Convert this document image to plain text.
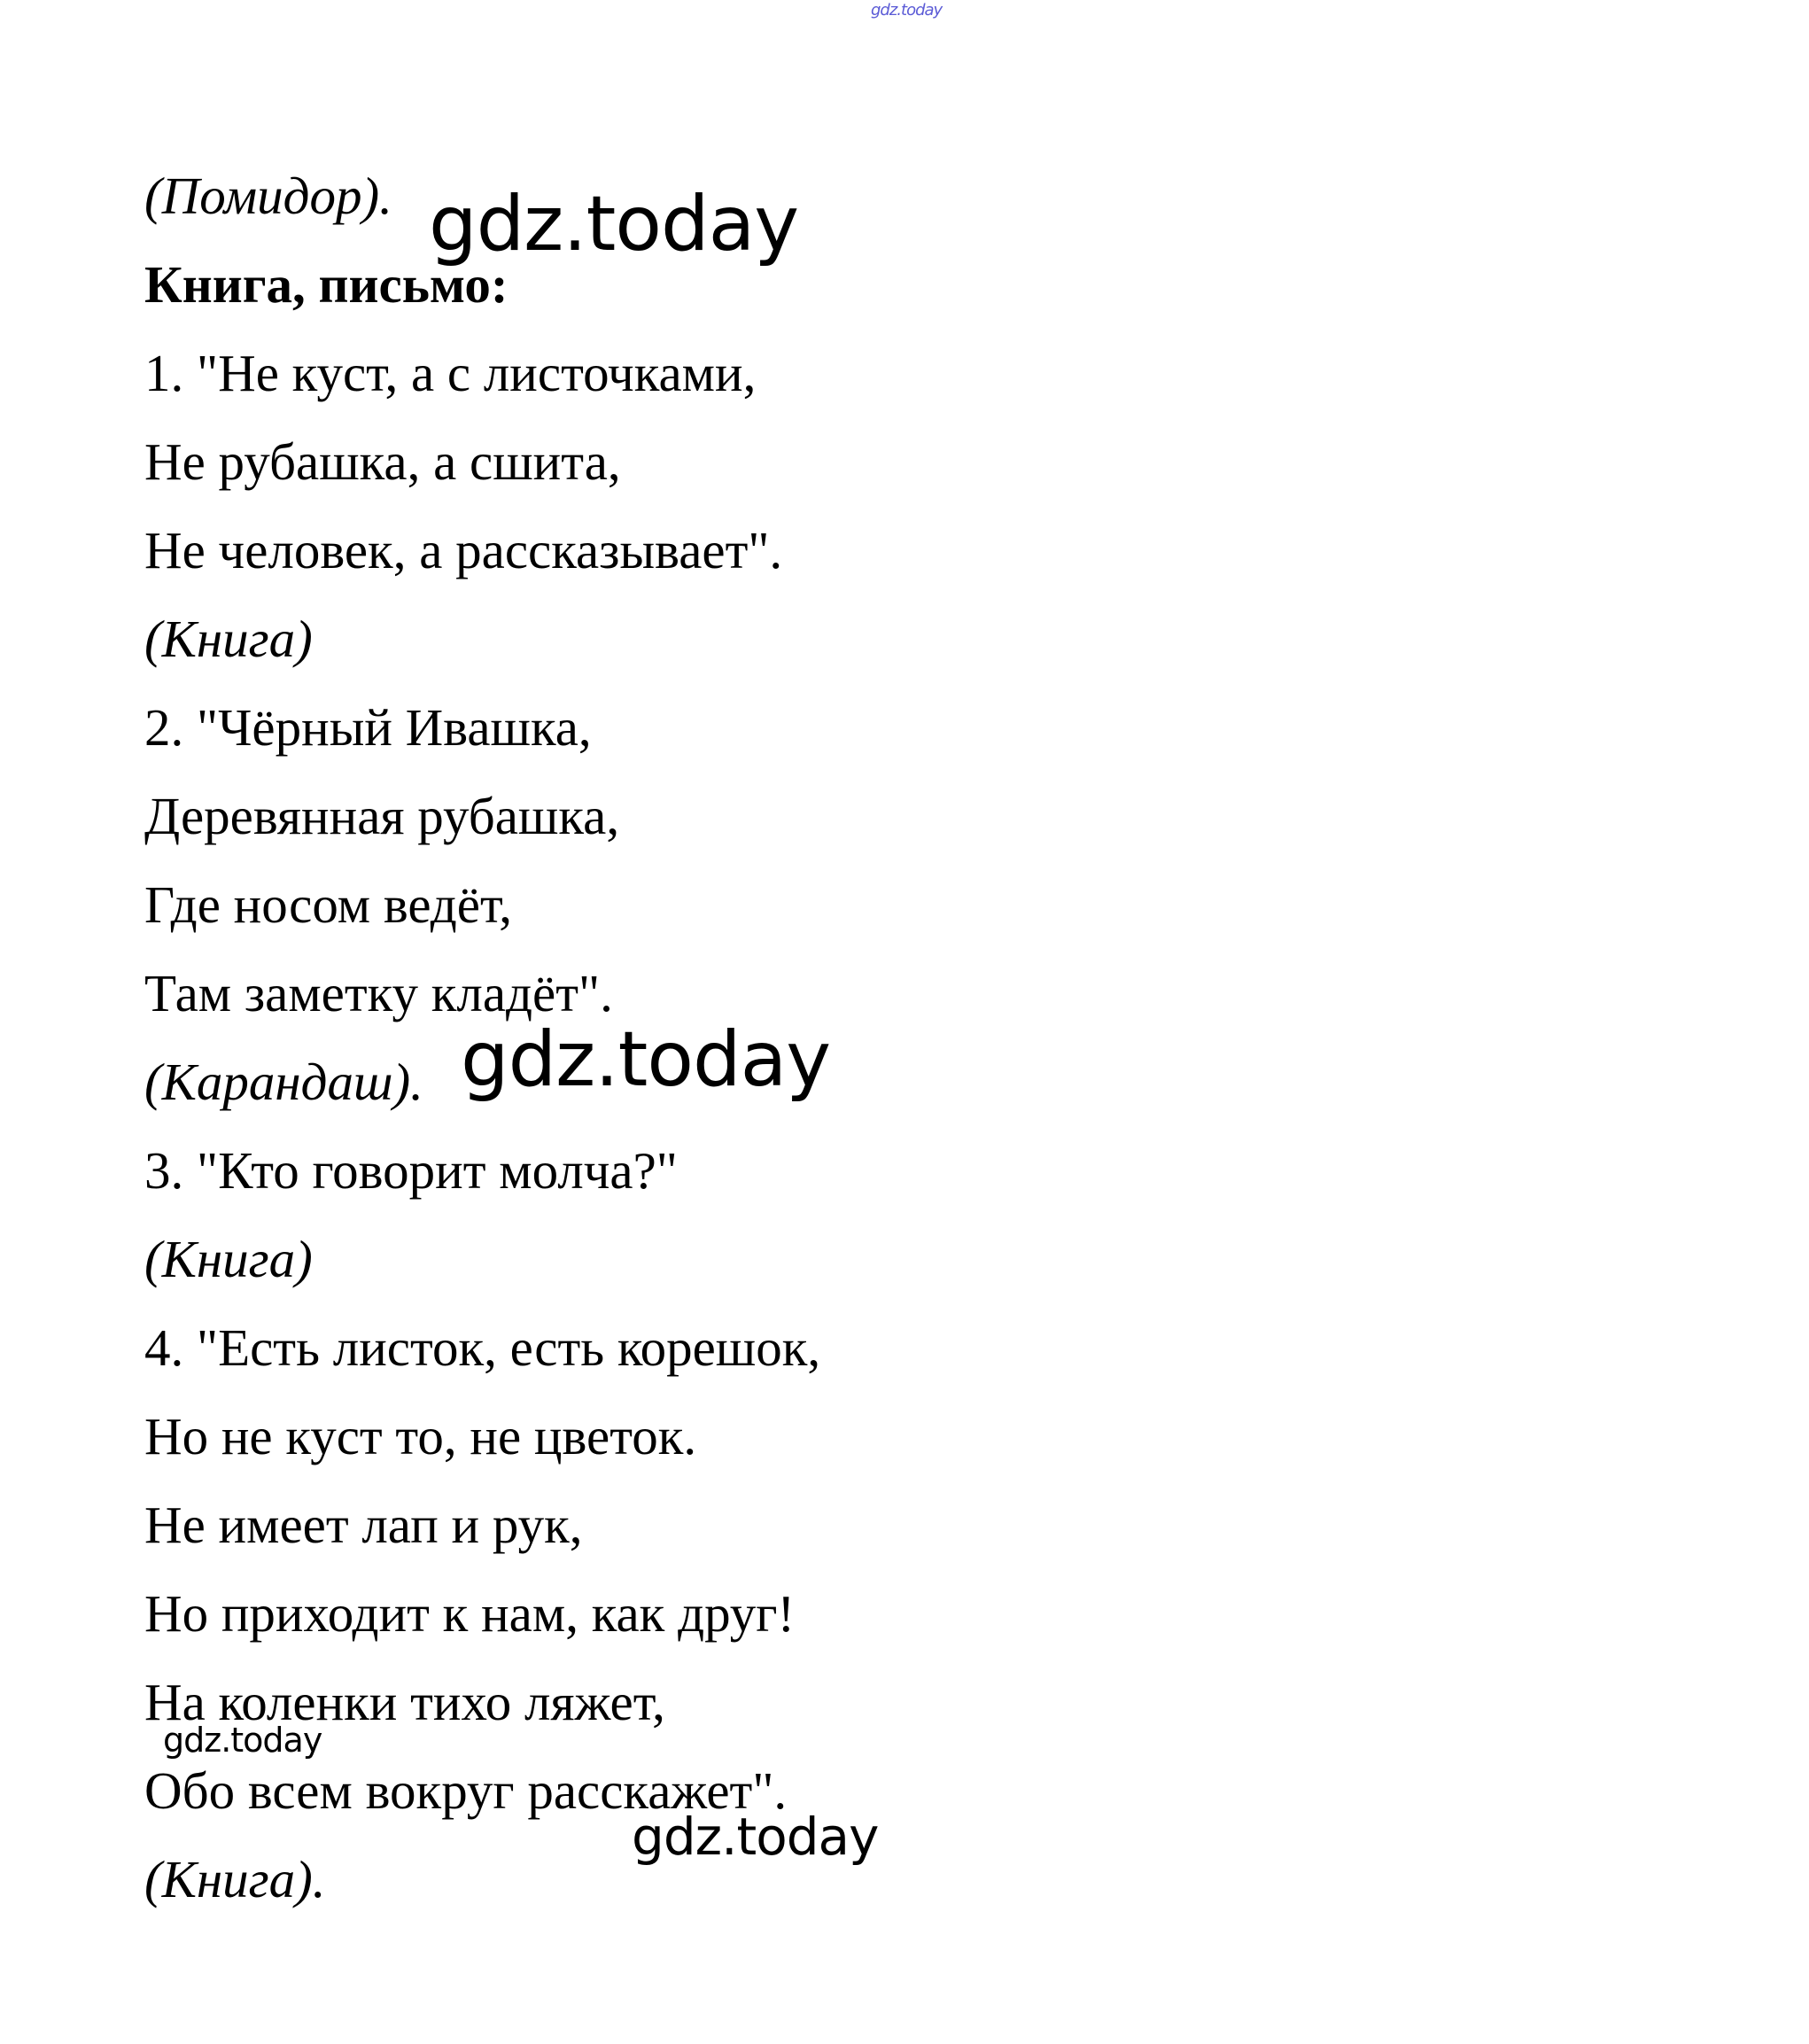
gdz.today
(Помидор).
Книга, письмо:
1. "Не куст, а с листочками,
Не рубашка, а сшита,
Не человек, а рассказывает".
(Книга)
2. "Чёрный Ивашка,
Деревянная рубашка,
Где носом ведёт,
Там заметку кладёт".
(Карандаш).
3. "Кто говорит молча?"
(Книга)
4. "Есть листок, есть корешок,
Но не куст то, не цветок.
Не имеет лап и рук,
Но приходит к нам, как друг!
На коленки тихо ляжет,
Обо всем вокруг расскажет".
(Книга).
gdz.today
gdz.today
gdz.today
gdz.today
